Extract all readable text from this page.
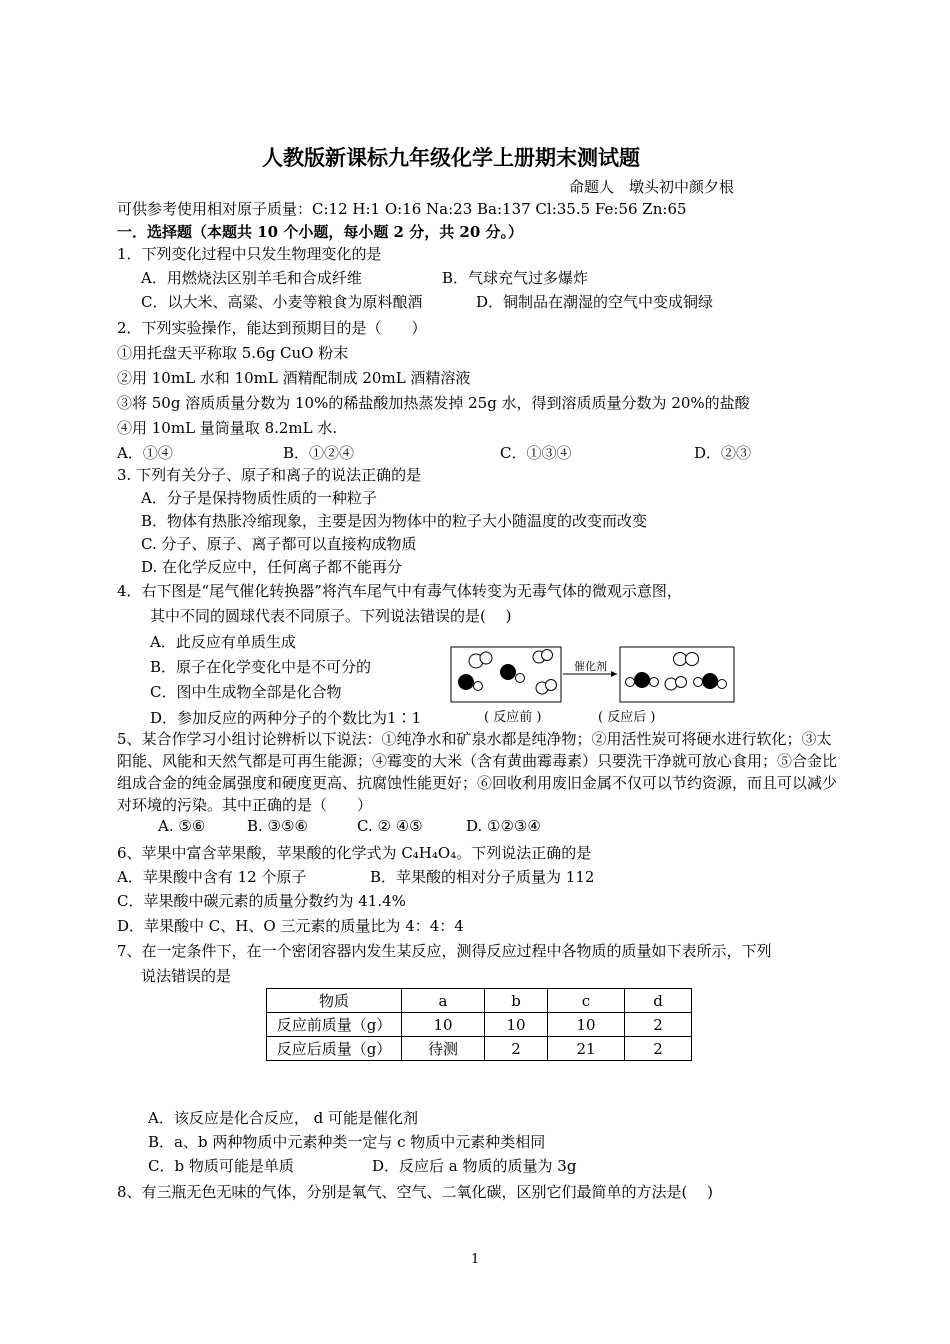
人教版新课标九年级化学上册期末测试题
命题人　墩头初中颜夕根
可供参考使用相对原子质量：C:12 H:1 O:16 Na:23 Ba:137 Cl:35.5 Fe:56 Zn:65
一．选择题（本题共 10 个小题，每小题 2 分，共 20 分。）
1．下列变化过程中只发生物理变化的是
A．用燃烧法区别羊毛和合成纤维	B．气球充气过多爆炸
C．以大米、高粱、小麦等粮食为原料酿酒	D．铜制品在潮湿的空气中变成铜绿
2．下列实验操作，能达到预期目的是（　　）
①用托盘天平称取 5.6g CuO 粉末
②用 10mL 水和 10mL 酒精配制成 20mL 酒精溶液
③将 50g 溶质质量分数为 10%的稀盐酸加热蒸发掉 25g 水，得到溶质质量分数为 20%的盐酸
④用 10mL 量筒量取 8.2mL 水.
A．①④	B．①②④	C．①③④	D．②③
3. 下列有关分子、原子和离子的说法正确的是
A．分子是保持物质性质的一种粒子
B．物体有热胀冷缩现象，主要是因为物体中的粒子大小随温度的改变而改变
C. 分子、原子、离子都可以直接构成物质
D. 在化学反应中，任何离子都不能再分
4．右下图是“尾气催化转换器”将汽车尾气中有毒气体转变为无毒气体的微观示意图，
其中不同的圆球代表不同原子。下列说法错误的是(　 )
A．此反应有单质生成
B．原子在化学变化中是不可分的
C．图中生成物全部是化合物
D．参加反应的两种分子的个数比为1∶1
催化剂
( 反应前 )	( 反应后 )
5、某合作学习小组讨论辨析以下说法：①纯净水和矿泉水都是纯净物；②用活性炭可将硬水进行软化；③太阳能、风能和天然气都是可再生能源；④霉变的大米（含有黄曲霉毒素）只要洗干净就可放心食用；⑤合金比组成合金的纯金属强度和硬度更高、抗腐蚀性能更好；⑥回收利用废旧金属不仅可以节约资源，而且可以减少对环境的污染。其中正确的是（　　）
A. ⑤⑥	B. ③⑤⑥	C. ② ④⑤	D. ①②③④
6、苹果中富含苹果酸，苹果酸的化学式为 C₄H₄O₄。下列说法正确的是
A．苹果酸中含有 12 个原子	B．苹果酸的相对分子质量为 112
C．苹果酸中碳元素的质量分数约为 41.4%
D．苹果酸中 C、H、O 三元素的质量比为 4：4：4
7、在一定条件下，在一个密闭容器内发生某反应，测得反应过程中各物质的质量如下表所示，下列
说法错误的是
物质	a	b	c	d
反应前质量（g）	10	10	10	2
反应后质量（g）	待测	2	21	2
A．该反应是化合反应， d 可能是催化剂
B．a、b 两种物质中元素种类一定与 c 物质中元素种类相同
C．b 物质可能是单质	D．反应后 a 物质的质量为 3g
8、有三瓶无色无味的气体，分别是氧气、空气、二氧化碳，区别它们最简单的方法是(　 )
1
